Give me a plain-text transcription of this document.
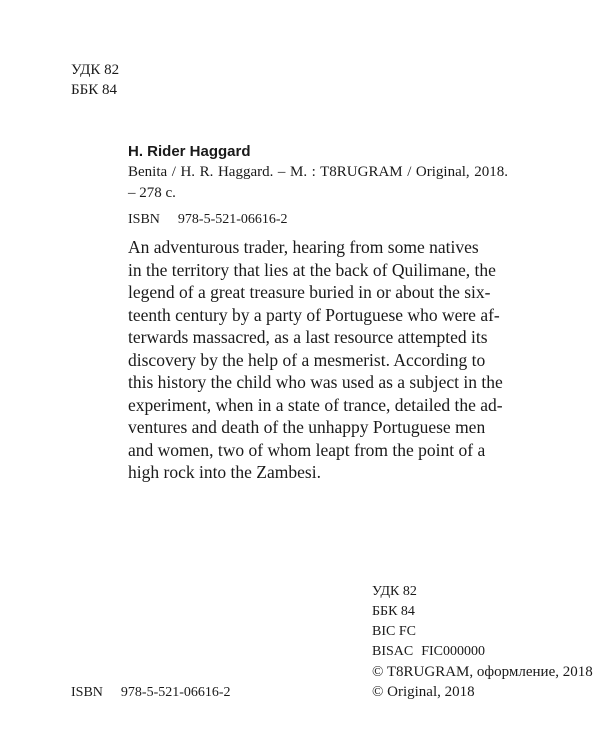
УДК 82
ББК 84
H. Rider Haggard
Benita / H. R. Haggard. – M. : T8RUGRAM / Original, 2018. – 278 c.
ISBN 978-5-521-06616-2
An adventurous trader, hearing from some natives
in the territory that lies at the back of Quilimane, the
legend of a great treasure buried in or about the six-
teenth century by a party of Portuguese who were af-
terwards massacred, as a last resource attempted its
discovery by the help of a mesmerist. According to
this history the child who was used as a subject in the
experiment, when in a state of trance, detailed the ad-
ventures and death of the unhappy Portuguese men
and women, two of whom leapt from the point of a
high rock into the Zambesi.
УДК 82
ББК 84
BIC FC
BISAC FIC000000
ISBN 978-5-521-06616-2
© T8RUGRAM, оформление, 2018
© Original, 2018
